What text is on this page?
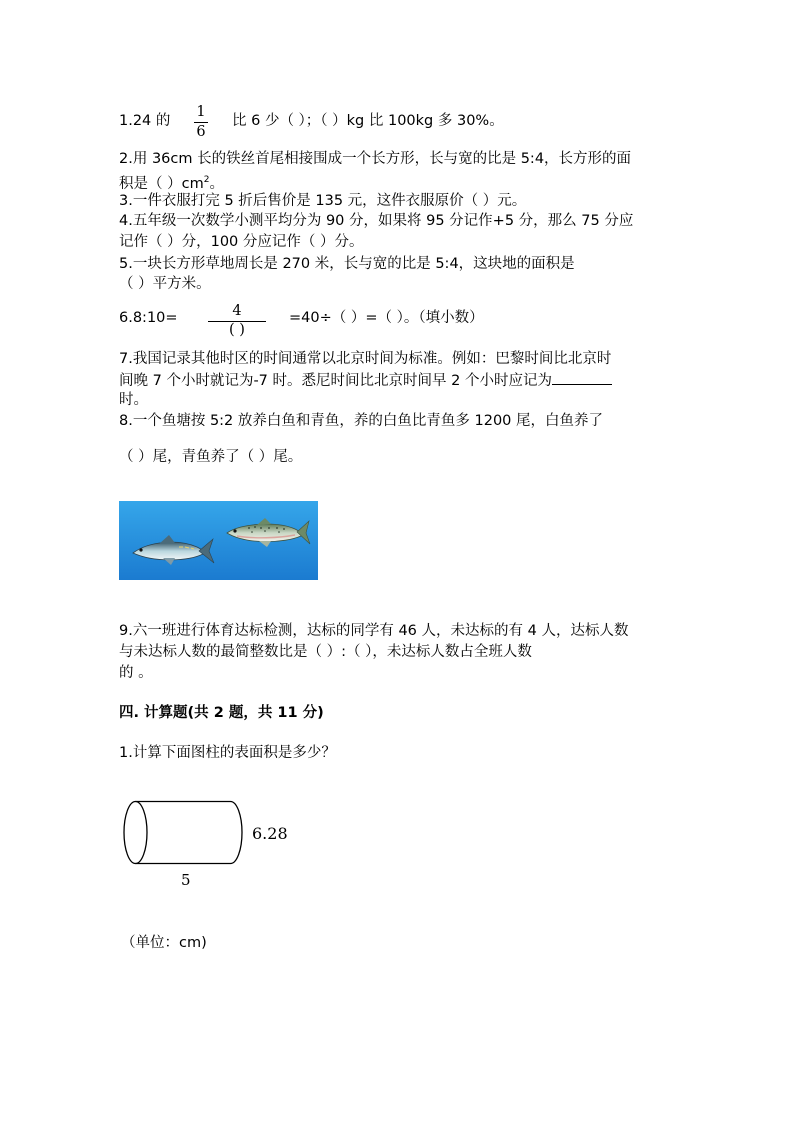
1.24 的
1
6
比 6 少（ ）；（ ）kg 比 100kg 多 30%。
2.用 36cm 长的铁丝首尾相接围成一个长方形，长与宽的比是 5:4，长方形的面
积是（ ）$cm^2$。
3.一件衣服打完 5 折后售价是 135 元，这件衣服原价（ ）元。
4.五年级一次数学小测平均分为 90 分，如果将 95 分记作+5 分，那么 75 分应
记作（ ）分，100 分应记作（ ）分。
5.一块长方形草地周长是 270 米，长与宽的比是 5:4，这块地的面积是
（ ）平方米。
6.8:10=	4
( )
=40÷（ ）=（ ）。（填小数）
7.我国记录其他时区的时间通常以北京时间为标准。例如：巴黎时间比北京时
间晚 7 个小时就记为-7 时。悉尼时间比北京时间早 2 个小时应记为
时。
8.一个鱼塘按 5:2 放养白鱼和青鱼，养的白鱼比青鱼多 1200 尾，白鱼养了
（ ）尾，青鱼养了（ ）尾。
9.六一班进行体育达标检测，达标的同学有 46 人，未达标的有 4 人，达标人数
与未达标人数的最简整数比是（ ）:（ ），未达标人数占全班人数
的 。
四. 计算题(共 2 题，共 11 分)
1.计算下面图柱的表面积是多少？
6.28
5
（单位：cm)
